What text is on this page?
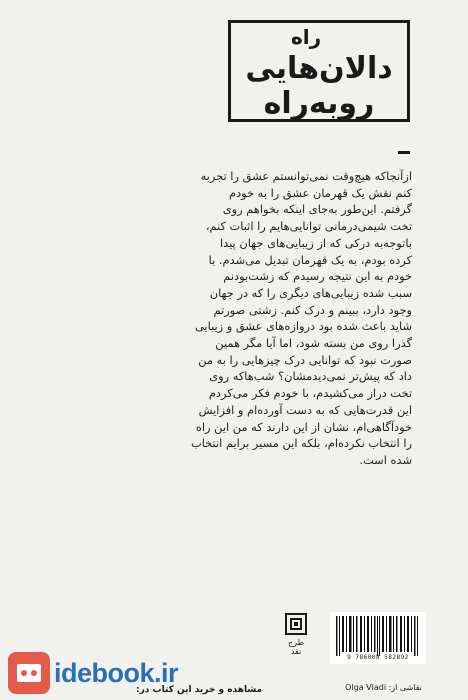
راه
دالان‌هایی روبه‌راه

ازآنجاکه هیچ‌وقت نمی‌توانستم عشق را تجربه

کنم نقش یک قهرمان عشق را به خودم

گرفتم. این‌طور به‌جای اینکه بخواهم روی

تخت شیمی‌درمانی توانایی‌هایم را اثبات کنم،

باتوجه‌به درکی که از زیبایی‌های جهان پیدا

کرده بودم، به یک قهرمان تبدیل می‌شدم. با

خودم به این نتیجه رسیدم که زشت‌بودنم

سبب شده زیبایی‌های دیگری را که در جهان

وجود دارد، ببینم و درک کنم. زشتی صورتم

شاید باعث شده بود دروازه‌های عشق و زیبایی

گذرا روی من بسته شود، اما آیا مگر همین

صورت نبود که توانایی درک چیزهایی را به من

داد که پیش‌تر نمی‌دیدمشان؟ شب‌هاکه روی

تخت دراز می‌کشیدم، با خودم فکر می‌کردم

این قدرت‌هایی که به دست آورده‌ام و افزایش

خودآگاهی‌ام، نشان از این دارند که من این راه

را انتخاب نکرده‌ام، بلکه این مسیر برایم انتخاب

شده است.

طرح نقد
9 786008 582892
نقاشی از: Olga Vladi
idebook.ir
مشاهده و خرید این کتاب در:
